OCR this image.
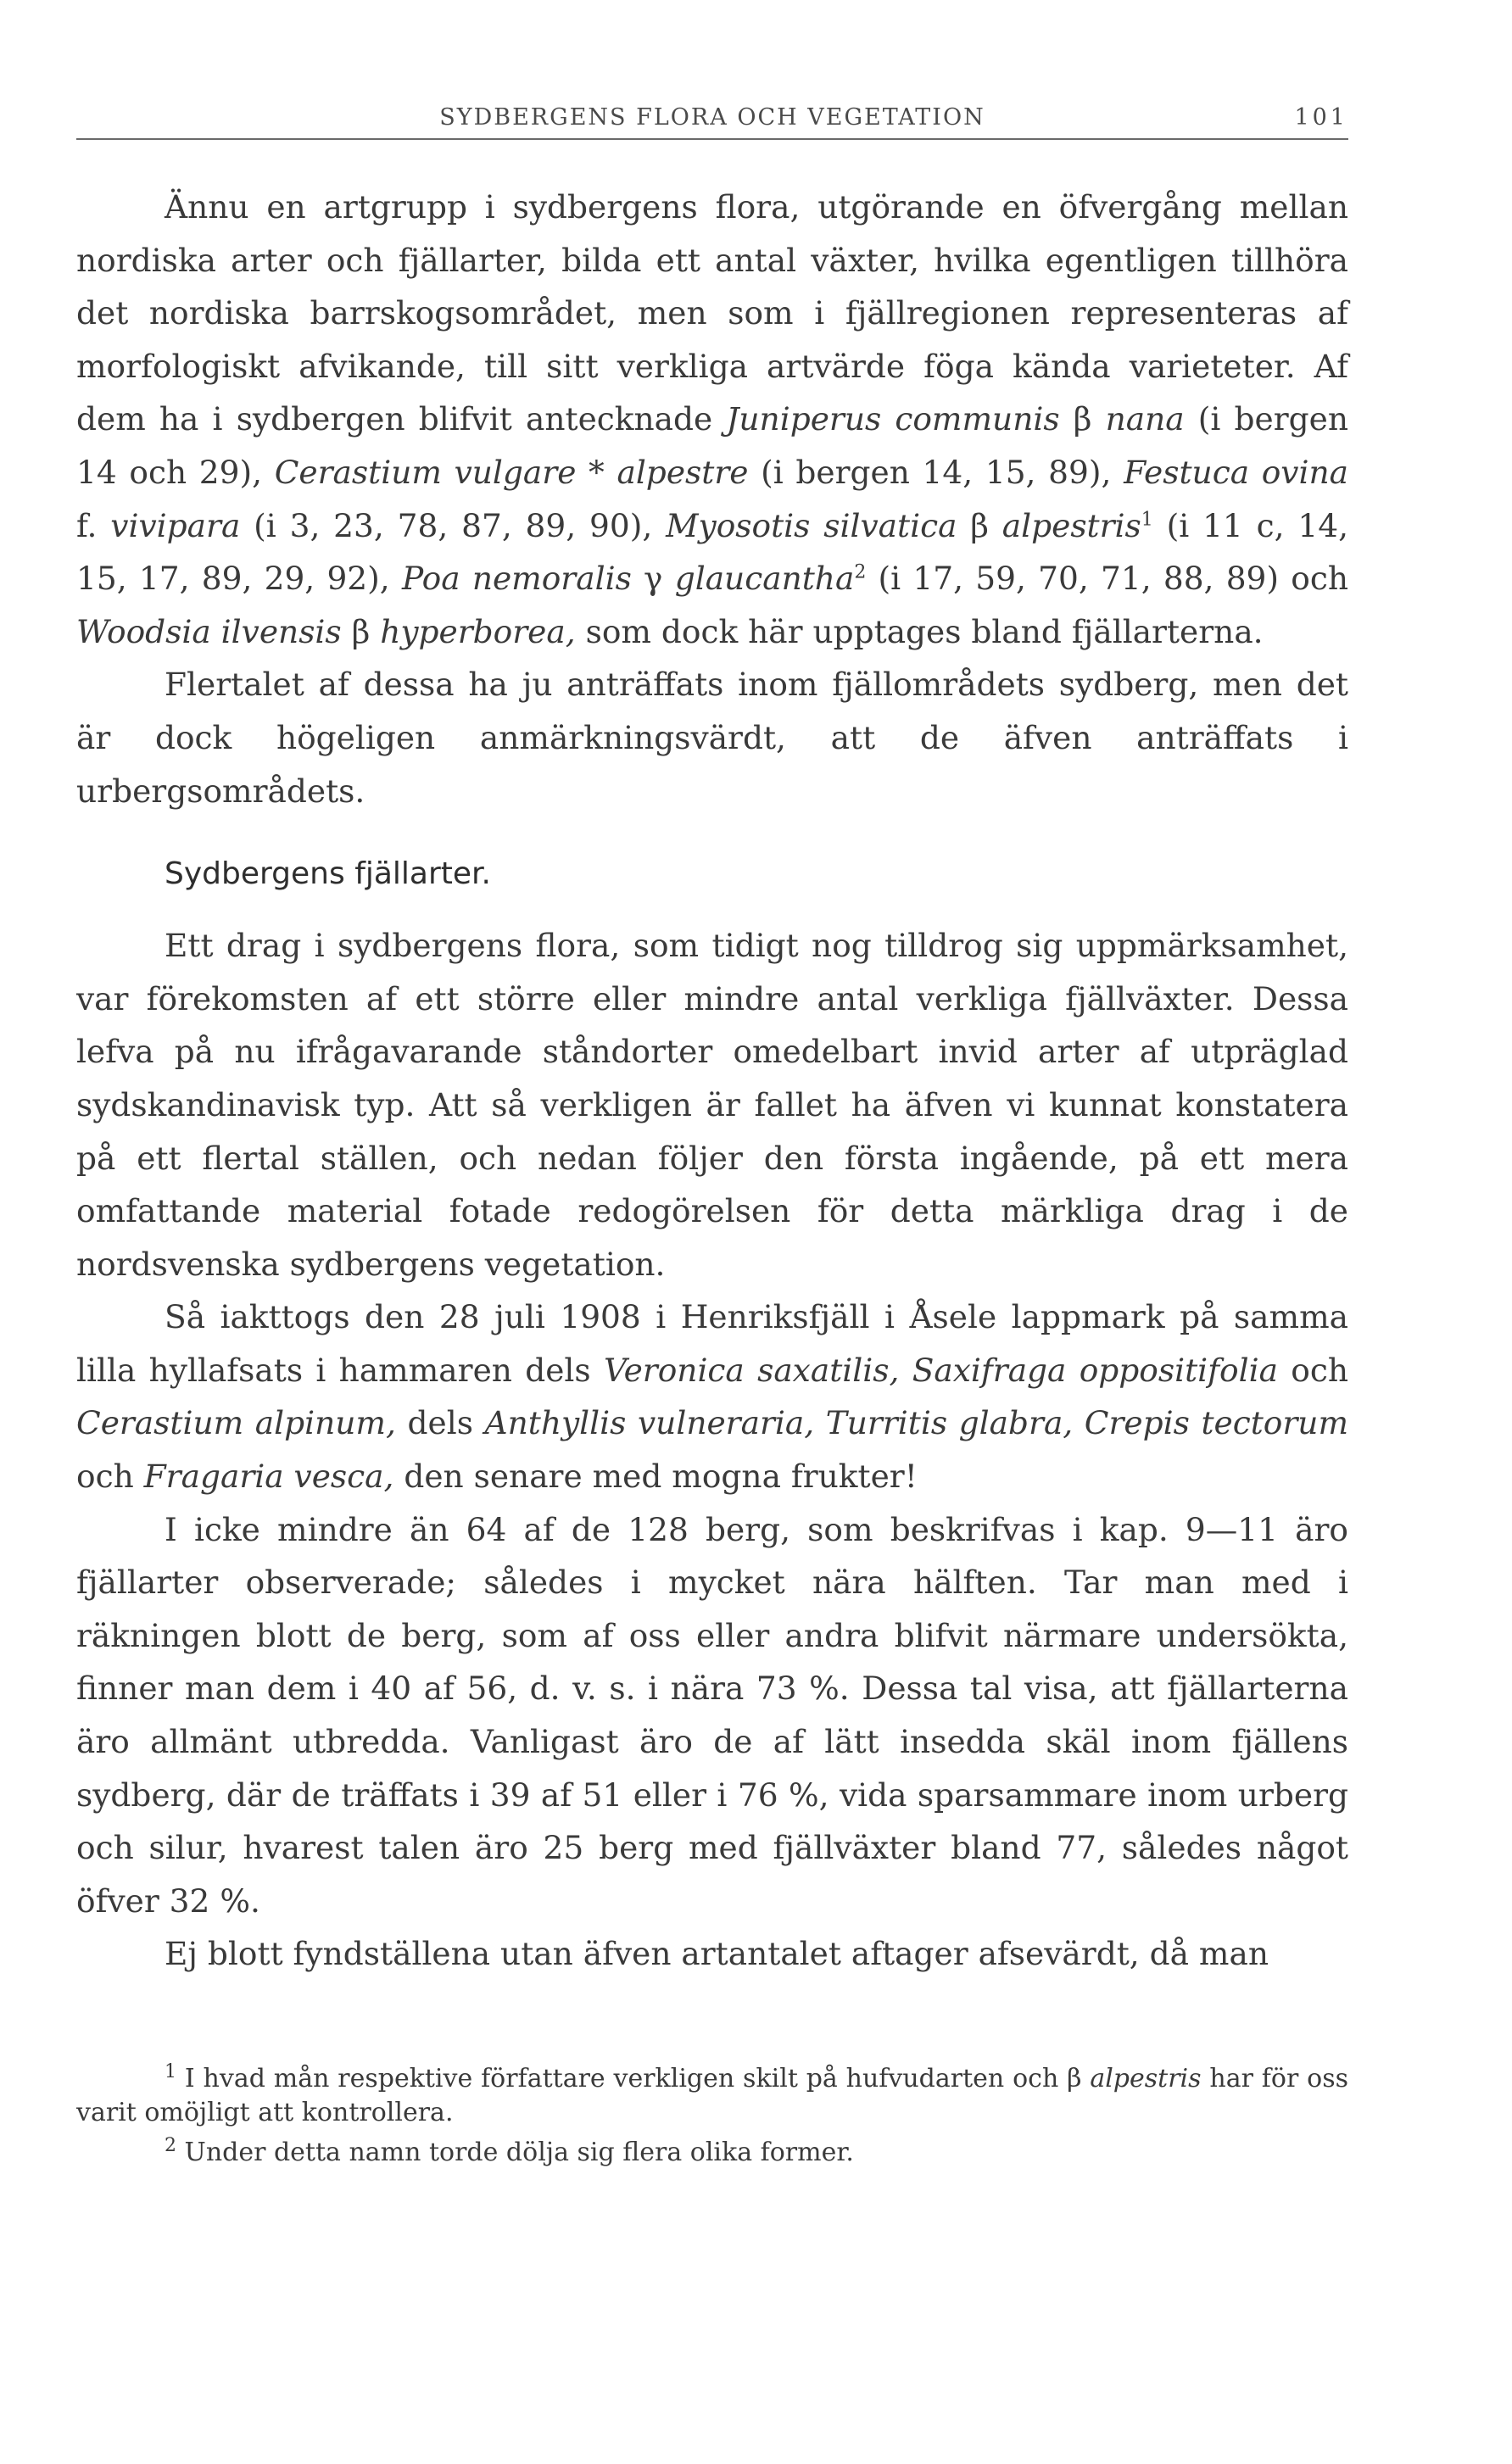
SYDBERGENS FLORA OCH VEGETATION	101

Ännu en artgrupp i sydbergens flora, utgörande en öfvergång mellan nordiska arter och fjällarter, bilda ett antal växter, hvilka egentligen tillhöra det nordiska barrskogsområdet, men som i fjällregionen representeras af morfologiskt afvikande, till sitt verkliga artvärde föga kända varieteter. Af dem ha i sydbergen blifvit antecknade Juniperus communis β nana (i bergen 14 och 29), Cerastium vulgare * alpestre (i bergen 14, 15, 89), Festuca ovina f. vivipara (i 3, 23, 78, 87, 89, 90), Myosotis silvatica β alpestris$^1$ (i 11 c, 14, 15, 17, 89, 29, 92), Poa nemoralis γ glaucantha$^2$ (i 17, 59, 70, 71, 88, 89) och Woodsia ilvensis β hyperborea, som dock här upptages bland fjällarterna.

Flertalet af dessa ha ju anträffats inom fjällområdets sydberg, men det är dock högeligen anmärkningsvärdt, att de äfven anträffats i urbergsområdets.

Sydbergens fjällarter.

Ett drag i sydbergens flora, som tidigt nog tilldrog sig uppmärksamhet, var förekomsten af ett större eller mindre antal verkliga fjällväxter. Dessa lefva på nu ifrågavarande ståndorter omedelbart invid arter af utpräglad sydskandinavisk typ. Att så verkligen är fallet ha äfven vi kunnat konstatera på ett flertal ställen, och nedan följer den första ingående, på ett mera omfattande material fotade redogörelsen för detta märkliga drag i de nordsvenska sydbergens vegetation.

Så iakttogs den 28 juli 1908 i Henriksfjäll i Åsele lappmark på samma lilla hyllafsats i hammaren dels Veronica saxatilis, Saxifraga oppositifolia och Cerastium alpinum, dels Anthyllis vulneraria, Turritis glabra, Crepis tectorum och Fragaria vesca, den senare med mogna frukter!

I icke mindre än 64 af de 128 berg, som beskrifvas i kap. 9—11 äro fjällarter observerade; således i mycket nära hälften. Tar man med i räkningen blott de berg, som af oss eller andra blifvit närmare undersökta, finner man dem i 40 af 56, d. v. s. i nära 73 %. Dessa tal visa, att fjällarterna äro allmänt utbredda. Vanligast äro de af lätt insedda skäl inom fjällens sydberg, där de träffats i 39 af 51 eller i 76 %, vida sparsammare inom urberg och silur, hvarest talen äro 25 berg med fjällväxter bland 77, således något öfver 32 %.

Ej blott fyndställena utan äfven artantalet aftager afsevärdt, då man

$^1$ I hvad mån respektive författare verkligen skilt på hufvudarten och β alpestris har för oss varit omöjligt att kontrollera.

$^2$ Under detta namn torde dölja sig flera olika former.
